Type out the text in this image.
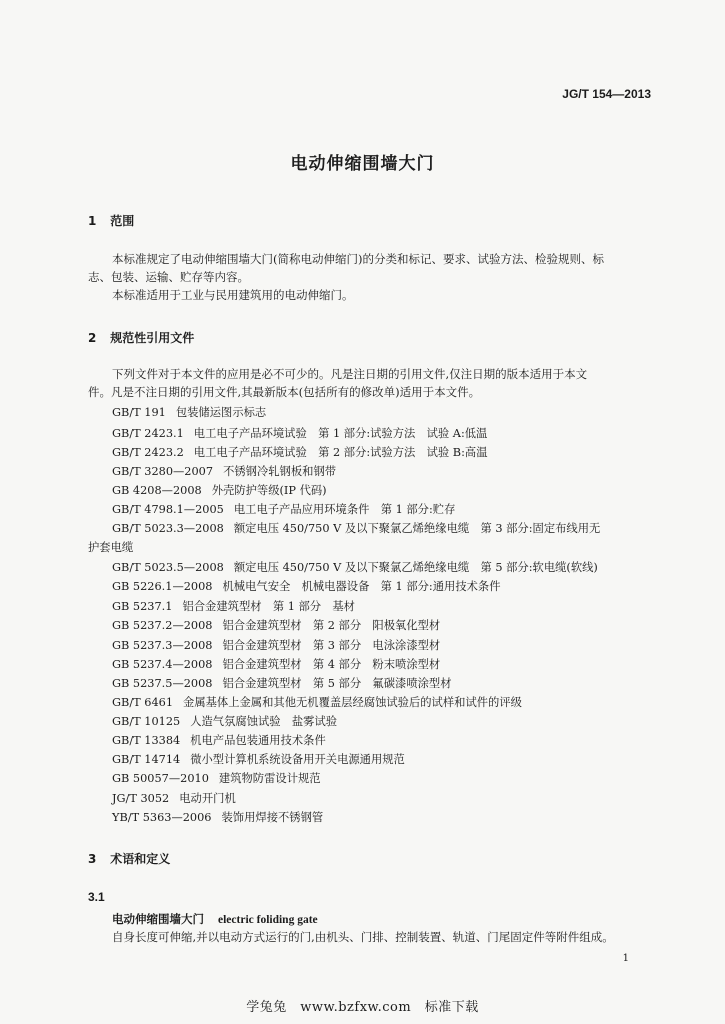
JG/T 154—2013
电动伸缩围墙大门
1 范围
本标准规定了电动伸缩围墙大门(简称电动伸缩门)的分类和标记、要求、试验方法、检验规则、标
志、包装、运输、贮存等内容。
本标准适用于工业与民用建筑用的电动伸缩门。
2 规范性引用文件
下列文件对于本文件的应用是必不可少的。凡是注日期的引用文件,仅注日期的版本适用于本文
件。凡是不注日期的引用文件,其最新版本(包括所有的修改单)适用于本文件。
GB/T 191 包装储运图示标志
GB/T 2423.1 电工电子产品环境试验　第 1 部分:试验方法　试验 A:低温
GB/T 2423.2 电工电子产品环境试验　第 2 部分:试验方法　试验 B:高温
GB/T 3280—2007 不锈钢冷轧钢板和钢带
GB 4208—2008 外壳防护等级(IP 代码)
GB/T 4798.1—2005 电工电子产品应用环境条件　第 1 部分:贮存
GB/T 5023.3—2008 额定电压 450/750 V 及以下聚氯乙烯绝缘电缆　第 3 部分:固定布线用无
护套电缆
GB/T 5023.5—2008 额定电压 450/750 V 及以下聚氯乙烯绝缘电缆　第 5 部分:软电缆(软线)
GB 5226.1—2008 机械电气安全　机械电器设备　第 1 部分:通用技术条件
GB 5237.1 铝合金建筑型材　第 1 部分　基材
GB 5237.2—2008 铝合金建筑型材　第 2 部分　阳极氧化型材
GB 5237.3—2008 铝合金建筑型材　第 3 部分　电泳涂漆型材
GB 5237.4—2008 铝合金建筑型材　第 4 部分　粉末喷涂型材
GB 5237.5—2008 铝合金建筑型材　第 5 部分　氟碳漆喷涂型材
GB/T 6461 金属基体上金属和其他无机覆盖层经腐蚀试验后的试样和试件的评级
GB/T 10125 人造气氛腐蚀试验　盐雾试验
GB/T 13384 机电产品包装通用技术条件
GB/T 14714 微小型计算机系统设备用开关电源通用规范
GB 50057—2010 建筑物防雷设计规范
JG/T 3052 电动开门机
YB/T 5363—2006 装饰用焊接不锈钢管
3 术语和定义
3.1
电动伸缩围墙大门 electric foliding gate
自身长度可伸缩,并以电动方式运行的门,由机头、门排、控制装置、轨道、门尾固定件等附件组成。
1
学兔兔　www.bzfxw.com　标准下载
